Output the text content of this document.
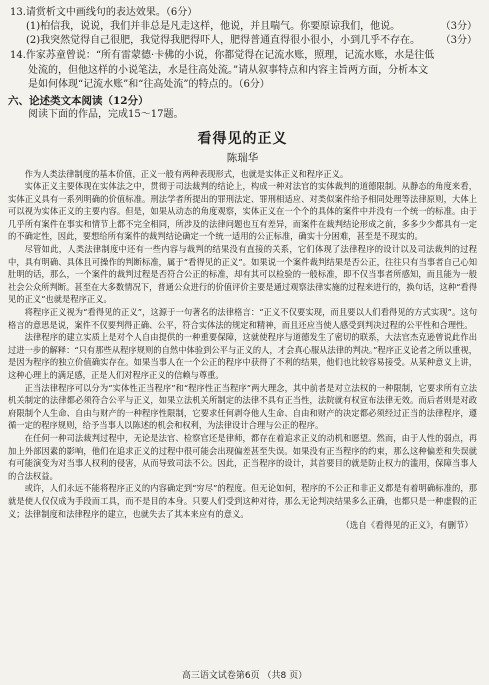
13.请赏析文中画线句的表达效果。（6分）

(1)柏信我，说说，我们并非总是凡走这样，他说，并且喘气。你要原谅我们，他说。	（3分）

(2)我突然觉得自己很肥，我觉得我肥得吓人，肥得普通直得很小很小，小到几乎不存在。 （3分）

14.作家苏童曾说：“所有雷蒙德·卡佛的小说，你都觉得在记流水账，照理，记流水账，水是往低
处流的，但他这样的小说笔法，水是往高处流。”请从叙事特点和内容主旨两方面，分析本文
是如何体现“记流水账”和“往高处流”的特点的。（6分）

六、论述类文本阅读（12分）

阅读下面的作品，完成15～17题。

看得见的正义

陈瑞华

作为人类法律制度的基本价值，正义一般有两种表现形式，也就是实体正义和程序正义。

实体正义主要体现在实体法之中，贯彻于司法裁判的结论上，构成一种对法官的实体裁判的道德限制。从静态的角度来看，实体正义具有一系列明确的价值标准。刑法学者所提出的罪刑法定、罪刑相适应、对类似案件给予相同处理等法律原则，大体上可以视为实体正义的主要内容。但是，如果从动态的角度观察，实体正义在一个个的具体的案件中并没有一个统一的标准。由于几乎所有案件在事实和情节上都不完全相同，所涉及的法律问题也互有差异，而案件在裁判结论形成之前，多多少少都具有一定的不确定性，因此，要想给所有案件的裁判结论确定一个统一适用的公正标准，确实十分困难，甚至是不现实的。

尽管如此，人类法律制度中还有一些内容与裁判的结果没有直接的关系，它们体现了法律程序的设计以及司法裁判的过程中，具有明确、具体且可操作的判断标准，属于“看得见的正义”。如果说一个案件裁判结果是否公正，往往只有当事者自己心知肚明的话，那么，一个案件的裁判过程是否符合公正的标准，却有其可以检验的一般标准，即不仅当事者所感知，而且能为一般社会公众所判断。甚至在大多数情况下，普通公众进行的价值评价主要是通过观察法律实施的过程来进行的，换句话，这种“看得见的正义”也就是程序正义。

将程序正义视为“看得见的正义”，这源于一句著名的法律格言：“正义不仅要实现，而且要以人们看得见的方式实现”。这句格言的意思是说，案件不仅要判得正确、公平，符合实体法的规定和精神，而且还应当使人感受到判决过程的公平性和合理性。

法律程序的建立实质上是对个人自由提供的一种重要保障，这就使程序与道德发生了密切的联系，大法官杰克逊曾说此作出过进一步的解释：“只有那些从程序规则的自然中体验到公平与正义的人，才会真心服从法律的判决。”程序正义论者之所以重视，是因为程序的独立价值确实存在。如果当事人在一个公正的程序中获得了不利的结果，他们也比较容易接受。从某种意义上讲，这种心理上的满足感，正是人们对程序正义的信赖与尊重。

正当法律程序可以分为“实体性正当程序”和“程序性正当程序”两大理念，其中前者是对立法权的一种限制，它要求所有立法机关制定的法律都必须符合公平与正义，如果立法机关所制定的法律不具有正当性，法院就有权宣布法律无效。而后者则是对政府限制个人生命、自由与财产的一种程序性限制，它要求任何剥夺他人生命、自由和财产的决定都必须经过正当的法律程序，遵循一定的程序规则，给予当事人以陈述的机会和权利，为法律设计合理与公正的程序。

在任何一种司法裁判过程中，无论是法官、检察官还是律师，都存在着追求正义的动机和愿望。然而，由于人性的弱点，再加上外部因素的影响，他们在追求正义的过程中很可能会出现偏差甚至失误。如果没有正当程序的约束，那么这种偏差和失误就有可能演变为对当事人权利的侵害，从而导致司法不公。因此，正当程序的设计，其首要目的就是防止权力的滥用，保障当事人的合法权益。

或许，人们永远不能将程序正义的内容确定到“穷尽”的程度。但无论如何，程序的不公正和非正义都是有着明确标准的，那就是使人仅仅成为手段而工具，而不是目的本身。只要人们受到这种对待，那么无论判决结果多么正确，也都只是一种虚假的正义；法律制度和法律程序的建立，也就失去了其本来应有的意义。

（选自《看得见的正义》，有删节）

高三语文试卷第6页 （共8 页）
